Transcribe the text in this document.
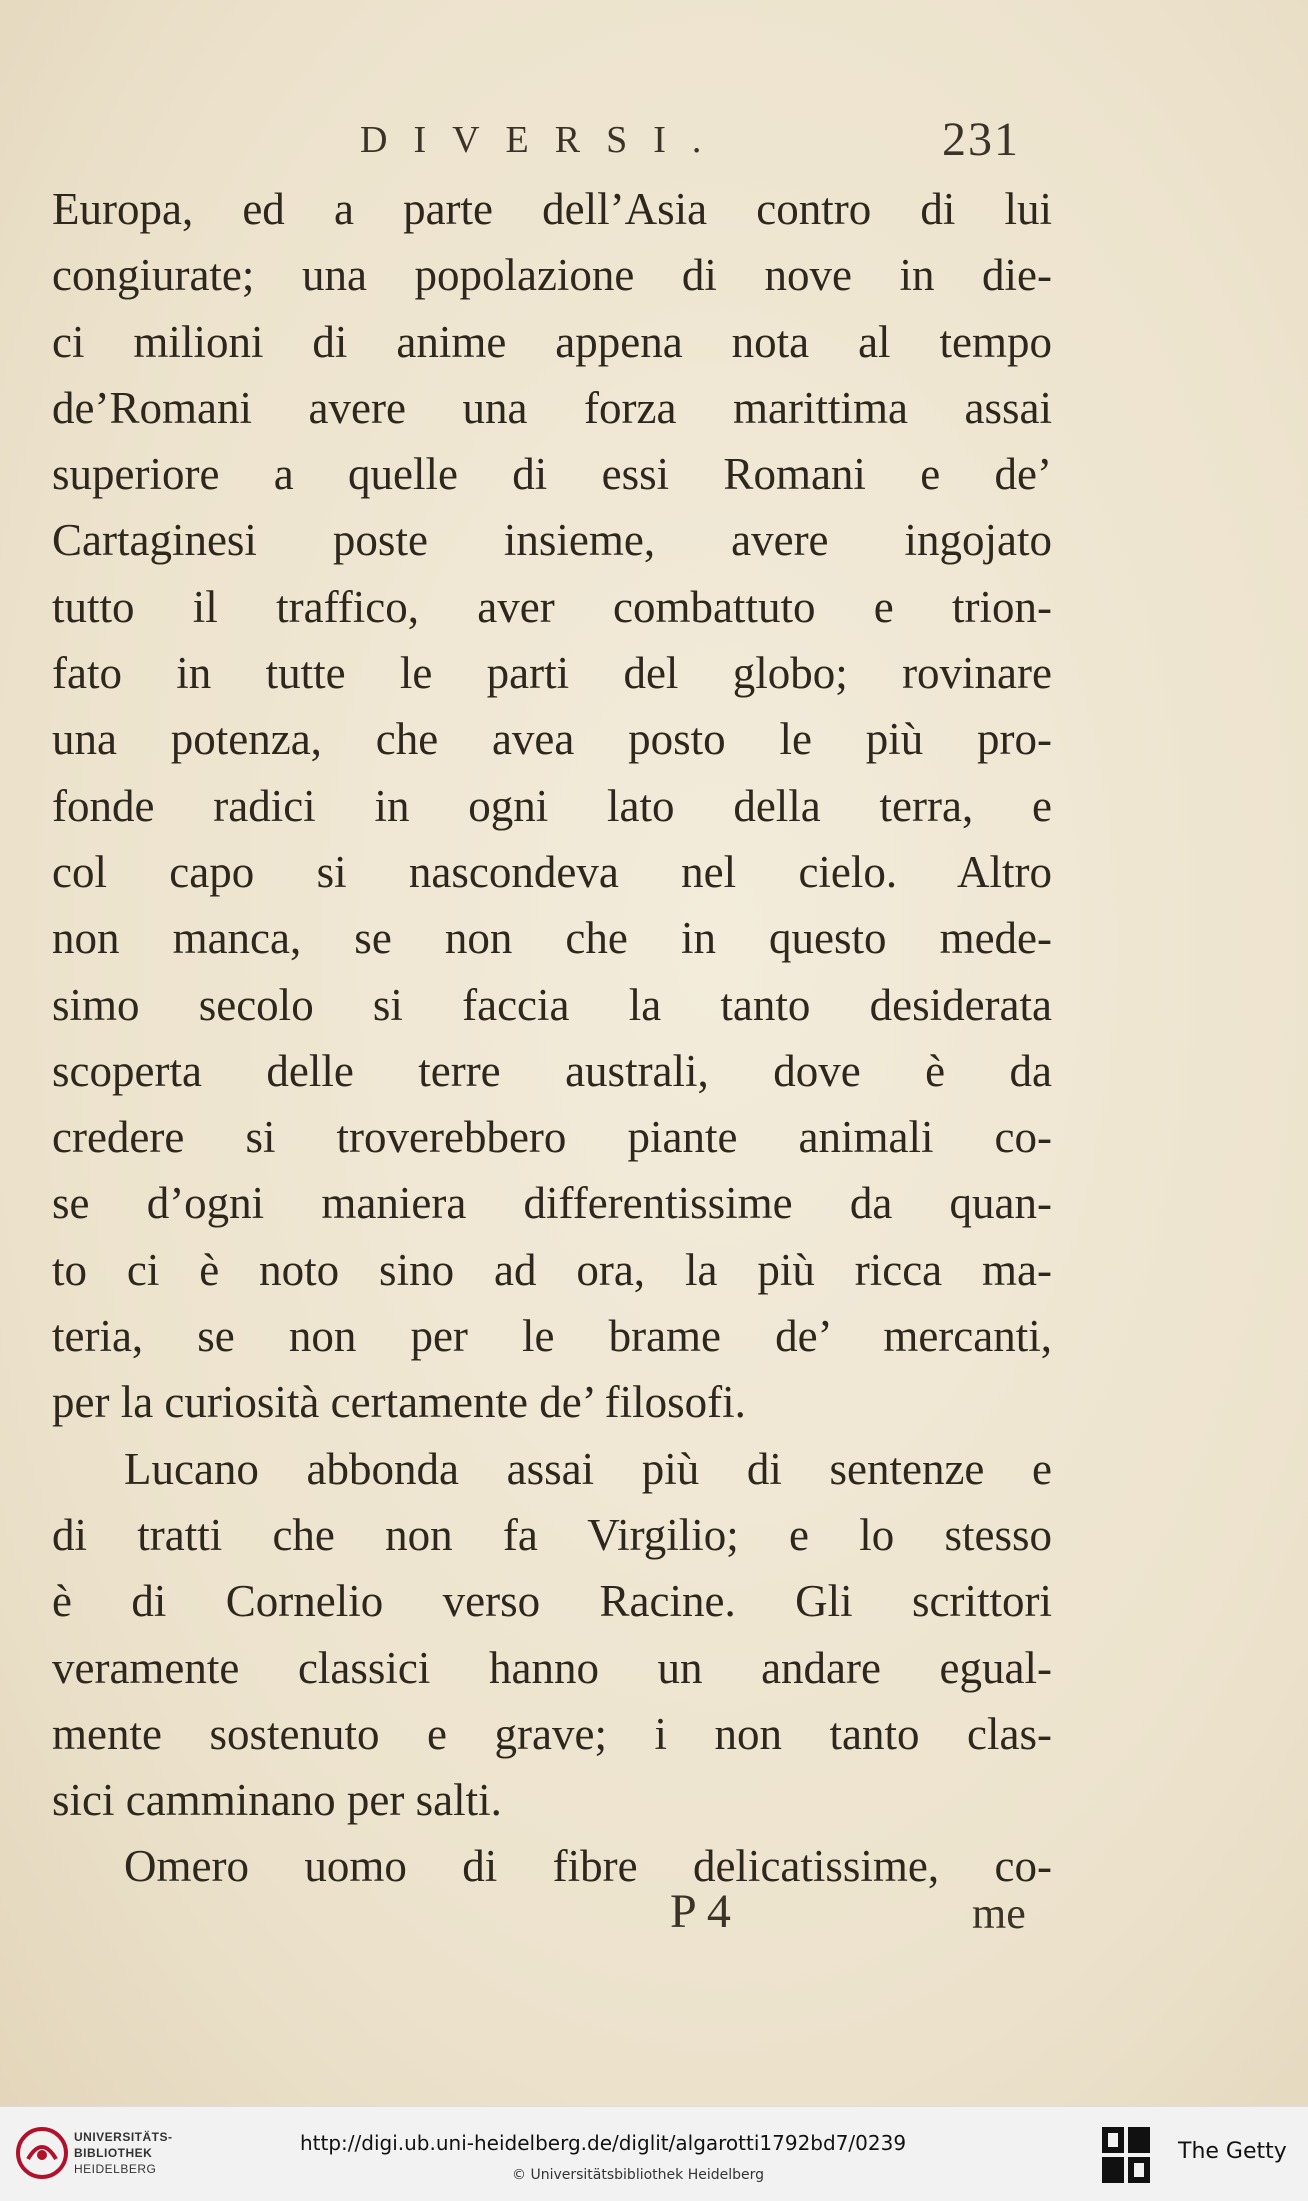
DIVERSI.	231
Europa, ed a parte dell’Asia contro di lui
congiurate; una popolazione di nove in die-
ci milioni di anime appena nota al tempo
de’Romani avere una forza marittima assai
superiore a quelle di essi Romani e de’
Cartaginesi poste insieme, avere ingojato
tutto il traffico, aver combattuto e trion-
fato in tutte le parti del globo; rovinare
una potenza, che avea posto le più pro-
fonde radici in ogni lato della terra, e
col capo si nascondeva nel cielo. Altro
non manca, se non che in questo mede-
simo secolo si faccia la tanto desiderata
scoperta delle terre australi, dove è da
credere si troverebbero piante animali co-
se d’ogni maniera differentissime da quan-
to ci è noto sino ad ora, la più ricca ma-
teria, se non per le brame de’ mercanti,
per la curiosità certamente de’ filosofi.
Lucano abbonda assai più di sentenze e
di tratti che non fa Virgilio; e lo stesso
è di Cornelio verso Racine. Gli scrittori
veramente classici hanno un andare egual-
mente sostenuto e grave; i non tanto clas-
sici camminano per salti.
Omero uomo di fibre delicatissime, co-
P 4	me
UNIVERSITÄTS-
BIBLIOTHEK
HEIDELBERG
http://digi.ub.uni-heidelberg.de/diglit/algarotti1792bd7/0239
© Universitätsbibliothek Heidelberg
The Getty
